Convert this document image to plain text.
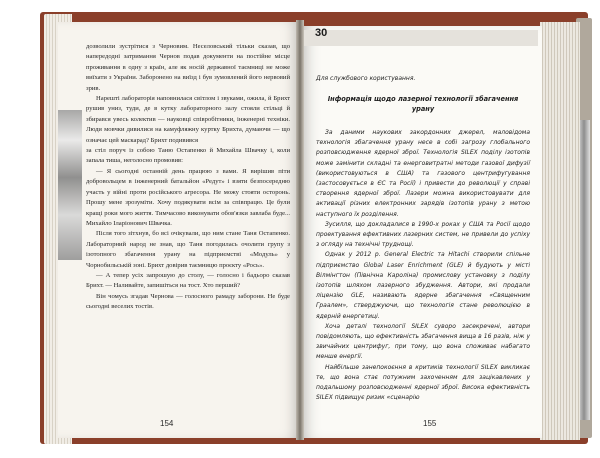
дозволили зустрітися з Черновим. Неселовський тільки сказав, що напередодні затримання Чернов подав документи на постійне місце проживання в одну з країн, але як носій державної таємниці не може виїхати з України. Заборонено на виїзд і був зумовлений його нервовий зрив.

Нарешті лабораторія наповнилася світлом і звуками, ожила, й Брихт рушив униз, туди, де в кутку лабораторного залу стояли стільці й збирався увесь колектив — науковці співробітники, інженерні техніки. Люди мовчки дивилися на камуфляжну куртку Брихта, думаючи — що означає цей маскарад? Брихт подивився

за стіл поруч із собою Таню Остапенко й Михайла Швачку і, коли запала тиша, неголосно промовив:

— Я сьогодні останній день працюю з вами. Я вирішив піти добровольцем в інженерний батальйон «Редут» і взяти безпосередню участь у війні проти російського агресора. Не можу стояти осторонь. Прошу мене зрозуміти. Хочу подякувати всім за співпрацю. Це були кращі роки мого життя. Тимчасово виконувати обов'язки завлаба буде... Михайло Іларіонович Швачка.

Після того зітхнув, бо всі очікували, що ним стане Таня Остапенко. Лабораторний народ не знав, що Таня погодилась очолити групу з ізотопного збагачення урану на підприємстві «Модуль» у Чорнобильській зоні. Брихт довірив таємницю проєкту «Рось».

— А тепер усіх запрошую до столу, — голосно і бадьоро сказав Брихт. — Наливайте, запишіться на тост. Хто перший?

Він чомусь згадав Чернова — голосного рамаду заборони. Не буде сьогодні веселих тостів.

154
30
Для службового користування.
Інформація щодо лазерної технології збагачення урану

За даними наукових закордонних джерел, маловідома технологія збагачення урану несе в собі загрозу глобального розповсюдження ядерної зброї. Технологія SILEX поділу ізотопів може замінити складні та енерговитратні методи газової дифузії (використовуються в США) та газового центрифугування (застосовується в ЄС та Росії) і привести до революції у справі створення ядерної зброї. Лазери можна використовувати для активації різних електронних зарядів ізотопів урану з метою наступного їх розділення.

Зусилля, що докладалися в 1990-х роках у США та Росії щодо проектування ефективних лазерних систем, не привели до успіху з огляду на технічні труднощі.

Однак у 2012 р. General Electric та Hitachi створили спільне підприємство Global Laser Enrichment (GLE) й будують у місті Вілмінгтон (Північна Кароліна) промислову установку з поділу ізотопів шляхом лазерного збудження. Автори, які продали ліцензію GLE, називають ядерне збагачення «Священним Граалем», стверджуючи, що технологія стане революцією в ядерній енергетиці.

Хоча деталі технології SILEX суворо засекречені, автори повідомляють, що ефективність збагачення вища в 16 разів, ніж у звичайних центрифуг, при тому, що вона споживає набагато менше енергії.

Найбільше занепокоєння в критиків технології SILEX викликає те, що вона стає потужним захоченням для зацікавлених у подальшому розповсюдженні ядерної зброї. Висока ефективність SILEX підвищує ризик «сценарію

155
